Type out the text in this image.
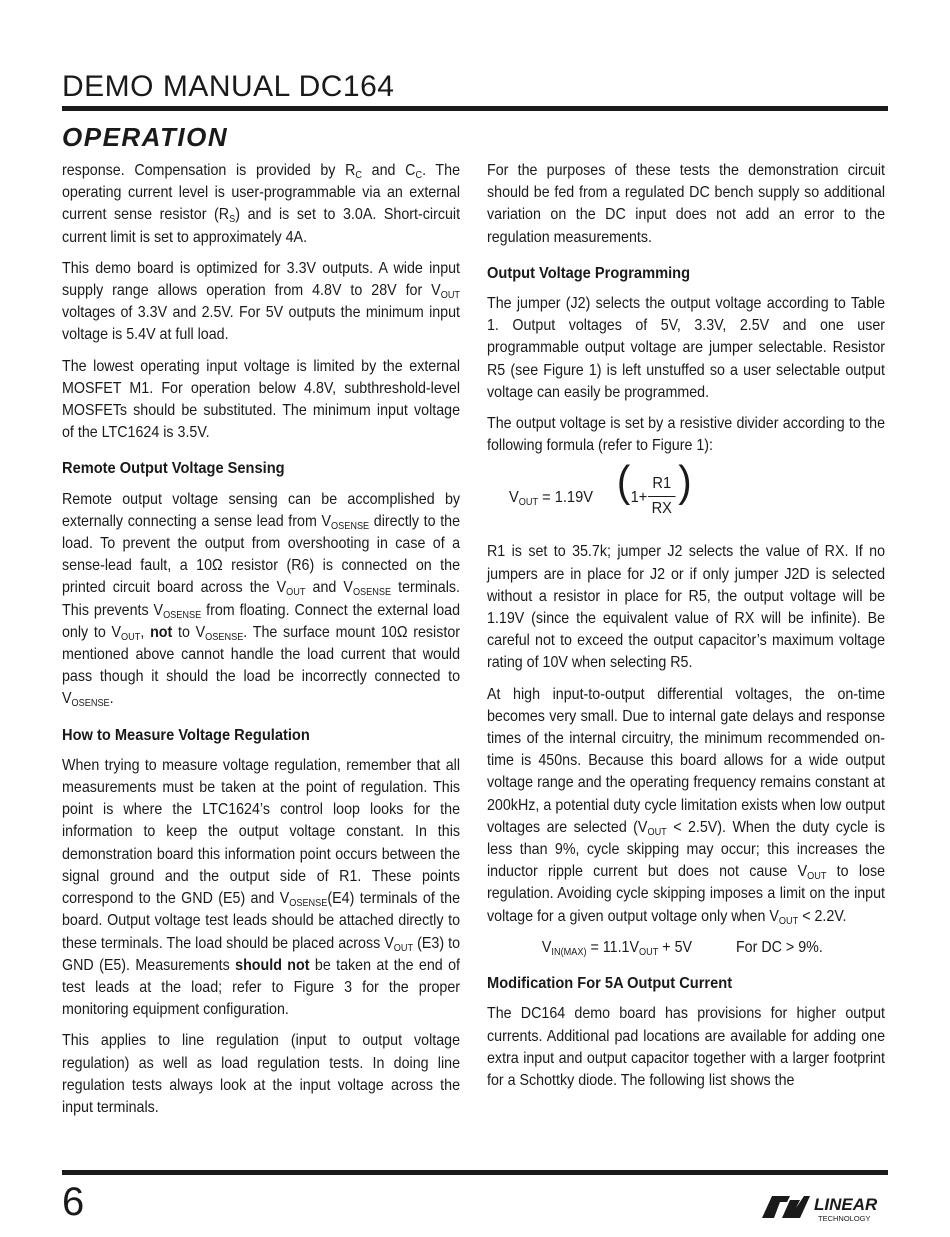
DEMO MANUAL DC164
OPERATION

response. Compensation is provided by $R_C$ and $C_C$. The operating current level is user-programmable via an external current sense resistor $(R_S)$ and is set to 3.0A. Short-circuit current limit is set to approximately 4A.

This demo board is optimized for 3.3V outputs. A wide input supply range allows operation from 4.8V to 28V for $V_{OUT}$ voltages of 3.3V and 2.5V. For 5V outputs the minimum input voltage is 5.4V at full load.

The lowest operating input voltage is limited by the external MOSFET M1. For operation below 4.8V, subthreshold-level MOSFETs should be substituted. The minimum input voltage of the LTC1624 is 3.5V.

Remote Output Voltage Sensing

Remote output voltage sensing can be accomplished by externally connecting a sense lead from $V_{OSENSE}$ directly to the load. To prevent the output from overshooting in case of a sense-lead fault, a 10Ω resistor (R6) is connected on the printed circuit board across the $V_{OUT}$ and $V_{OSENSE}$ terminals. This prevents $V_{OSENSE}$ from floating. Connect the external load only to $V_{OUT}$, not to $V_{OSENSE}$. The surface mount 10Ω resistor mentioned above cannot handle the load current that would pass though it should the load be incorrectly connected to $V_{OSENSE}$.

How to Measure Voltage Regulation

When trying to measure voltage regulation, remember that all measurements must be taken at the point of regulation. This point is where the LTC1624’s control loop looks for the information to keep the output voltage constant. In this demonstration board this information point occurs between the signal ground and the output side of R1. These points correspond to the GND (E5) and $V_{OSENSE}(E4)$ terminals of the board. Output voltage test leads should be attached directly to these terminals. The load should be placed across $V_{OUT}$ (E3) to GND (E5). Measurements should not be taken at the end of test leads at the load; refer to Figure 3 for the proper monitoring equipment configuration.

This applies to line regulation (input to output voltage regulation) as well as load regulation tests. In doing line regulation tests always look at the input voltage across the input terminals.

For the purposes of these tests the demonstration circuit should be fed from a regulated DC bench supply so additional variation on the DC input does not add an error to the regulation measurements.

Output Voltage Programming

The jumper (J2) selects the output voltage according to Table 1. Output voltages of 5V, 3.3V, 2.5V and one user programmable output voltage are jumper selectable. Resistor R5 (see Figure 1) is left unstuffed so a user selectable output voltage can easily be programmed.

The output voltage is set by a resistive divider according to the following formula (refer to Figure 1):

$V_{OUT} = 1.19V$ ( 1+
R1
RX
)

R1 is set to 35.7k; jumper J2 selects the value of RX. If no jumpers are in place for J2 or if only jumper J2D is selected without a resistor in place for R5, the output voltage will be 1.19V (since the equivalent value of RX will be infinite). Be careful not to exceed the output capacitor’s maximum voltage rating of 10V when selecting R5.

At high input-to-output differential voltages, the on-time becomes very small. Due to internal gate delays and response times of the internal circuitry, the minimum recommended on-time is 450ns. Because this board allows for a wide output voltage range and the operating frequency remains constant at 200kHz, a potential duty cycle limitation exists when low output voltages are selected $(V_{OUT} < 2.5V)$. When the duty cycle is less than 9%, cycle skipping may occur; this increases the inductor ripple current but does not cause $V_{OUT}$ to lose regulation. Avoiding cycle skipping imposes a limit on the input voltage for a given output voltage only when $V_{OUT} < 2.2V$.

$V_{IN(MAX)} = 11.1V_{OUT} + 5V$	For DC > 9%.
Modification For 5A Output Current

The DC164 demo board has provisions for higher output currents. Additional pad locations are available for adding one extra input and output capacitor together with a larger footprint for a Schottky diode. The following list shows the

6	LINEAR
TECHNOLOGY
